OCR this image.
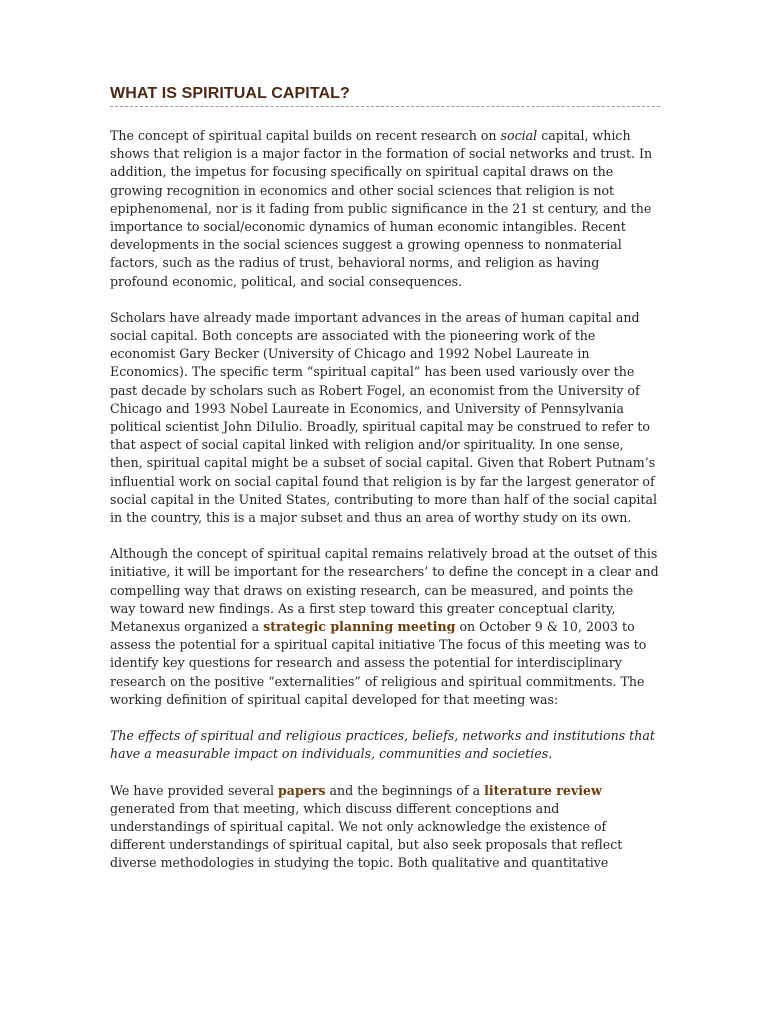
WHAT IS SPIRITUAL CAPITAL?

The concept of spiritual capital builds on recent research on social capital, which shows that religion is a major factor in the formation of social networks and trust. In addition, the impetus for focusing specifically on spiritual capital draws on the growing recognition in economics and other social sciences that religion is not epiphenomenal, nor is it fading from public significance in the 21 st century, and the importance to social/economic dynamics of human economic intangibles. Recent developments in the social sciences suggest a growing openness to nonmaterial factors, such as the radius of trust, behavioral norms, and religion as having profound economic, political, and social consequences.

Scholars have already made important advances in the areas of human capital and social capital. Both concepts are associated with the pioneering work of the economist Gary Becker (University of Chicago and 1992 Nobel Laureate in Economics). The specific term “spiritual capital” has been used variously over the past decade by scholars such as Robert Fogel, an economist from the University of Chicago and 1993 Nobel Laureate in Economics, and University of Pennsylvania political scientist John DiIulio. Broadly, spiritual capital may be construed to refer to that aspect of social capital linked with religion and/or spirituality. In one sense, then, spiritual capital might be a subset of social capital. Given that Robert Putnam’s influential work on social capital found that religion is by far the largest generator of social capital in the United States, contributing to more than half of the social capital in the country, this is a major subset and thus an area of worthy study on its own.

Although the concept of spiritual capital remains relatively broad at the outset of this initiative, it will be important for the researchers’ to define the concept in a clear and compelling way that draws on existing research, can be measured, and points the way toward new findings. As a first step toward this greater conceptual clarity, Metanexus organized a strategic planning meeting on October 9 & 10, 2003 to assess the potential for a spiritual capital initiative The focus of this meeting was to identify key questions for research and assess the potential for interdisciplinary research on the positive “externalities” of religious and spiritual commitments. The working definition of spiritual capital developed for that meeting was:

The effects of spiritual and religious practices, beliefs, networks and institutions that have a measurable impact on individuals, communities and societies.

We have provided several papers and the beginnings of a literature review generated from that meeting, which discuss different conceptions and understandings of spiritual capital. We not only acknowledge the existence of different understandings of spiritual capital, but also seek proposals that reflect diverse methodologies in studying the topic. Both qualitative and quantitative
